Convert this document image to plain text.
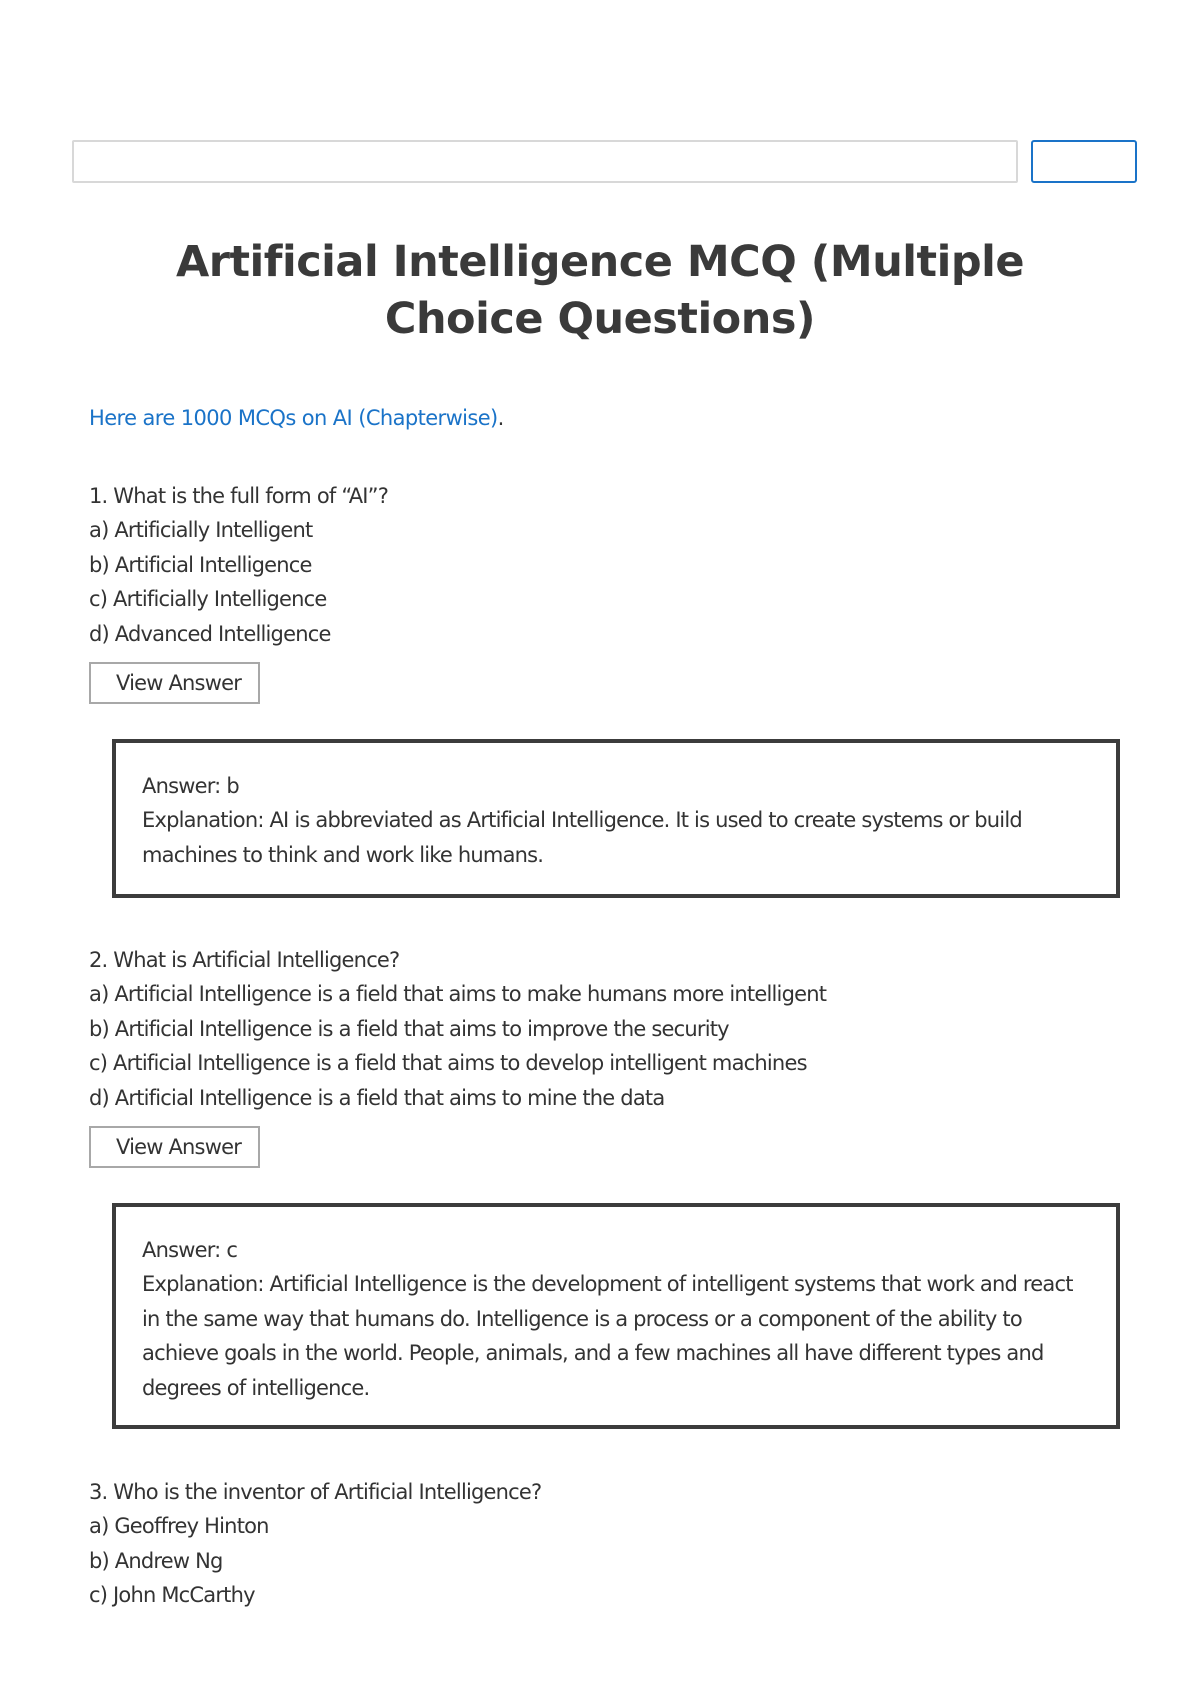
Artificial Intelligence MCQ (Multiple Choice Questions)
Here are 1000 MCQs on AI (Chapterwise).
1. What is the full form of “AI”?
a) Artificially Intelligent
b) Artificial Intelligence
c) Artificially Intelligence
d) Advanced Intelligence
View Answer
Answer: b
Explanation: AI is abbreviated as Artificial Intelligence. It is used to create systems or build machines to think and work like humans.
2. What is Artificial Intelligence?
a) Artificial Intelligence is a field that aims to make humans more intelligent
b) Artificial Intelligence is a field that aims to improve the security
c) Artificial Intelligence is a field that aims to develop intelligent machines
d) Artificial Intelligence is a field that aims to mine the data
View Answer
Answer: c
Explanation: Artificial Intelligence is the development of intelligent systems that work and react in the same way that humans do. Intelligence is a process or a component of the ability to achieve goals in the world. People, animals, and a few machines all have different types and degrees of intelligence.
3. Who is the inventor of Artificial Intelligence?
a) Geoffrey Hinton
b) Andrew Ng
c) John McCarthy
